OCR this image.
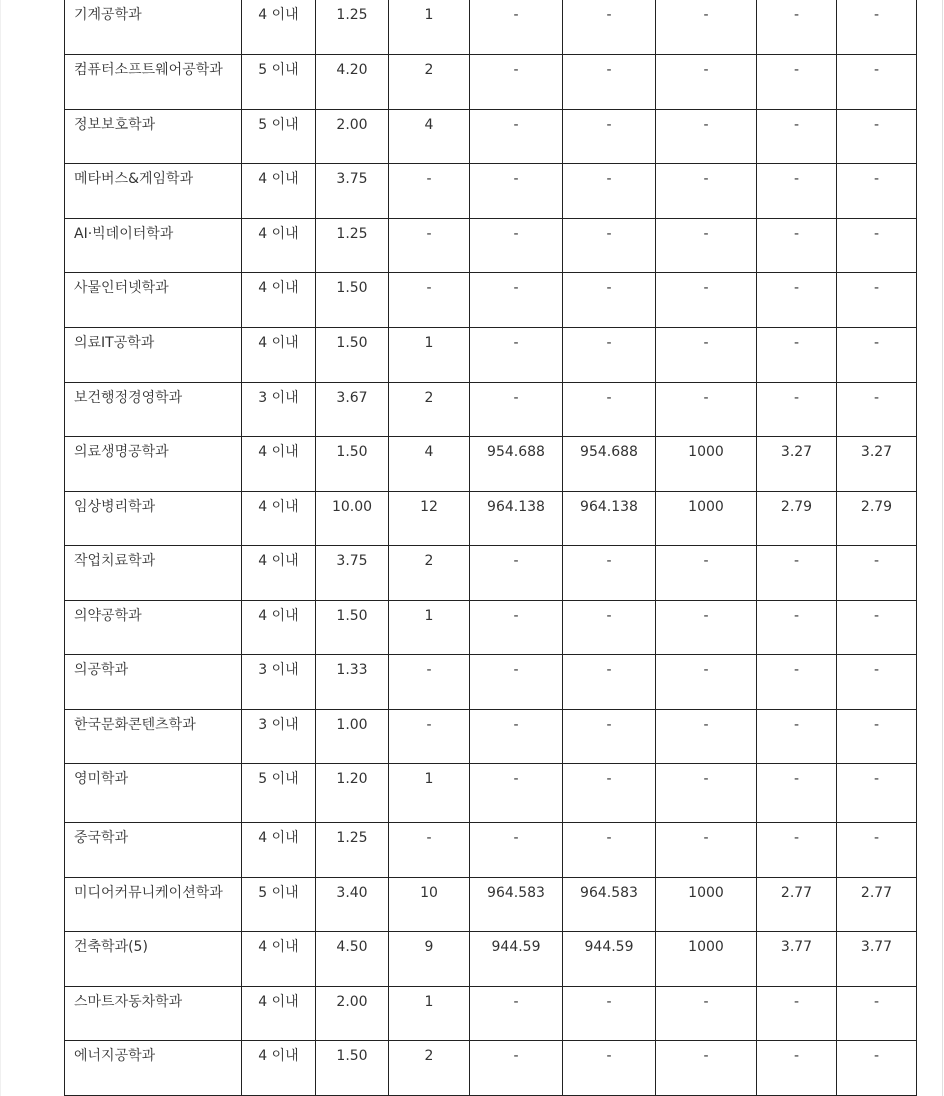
기계공학과	4 이내	1.25	1	-	-	-	-	-
컴퓨터소프트웨어공학과	5 이내	4.20	2	-	-	-	-	-
정보보호학과	5 이내	2.00	4	-	-	-	-	-
메타버스&게임학과	4 이내	3.75	-	-	-	-	-	-
AI·빅데이터학과	4 이내	1.25	-	-	-	-	-	-
사물인터넷학과	4 이내	1.50	-	-	-	-	-	-
의료IT공학과	4 이내	1.50	1	-	-	-	-	-
보건행정경영학과	3 이내	3.67	2	-	-	-	-	-
의료생명공학과	4 이내	1.50	4	954.688	954.688	1000	3.27	3.27
임상병리학과	4 이내	10.00	12	964.138	964.138	1000	2.79	2.79
작업치료학과	4 이내	3.75	2	-	-	-	-	-
의약공학과	4 이내	1.50	1	-	-	-	-	-
의공학과	3 이내	1.33	-	-	-	-	-	-
한국문화콘텐츠학과	3 이내	1.00	-	-	-	-	-	-
영미학과	5 이내	1.20	1	-	-	-	-	-
중국학과	4 이내	1.25	-	-	-	-	-	-
미디어커뮤니케이션학과	5 이내	3.40	10	964.583	964.583	1000	2.77	2.77
건축학과(5)	4 이내	4.50	9	944.59	944.59	1000	3.77	3.77
스마트자동차학과	4 이내	2.00	1	-	-	-	-	-
에너지공학과	4 이내	1.50	2	-	-	-	-	-
